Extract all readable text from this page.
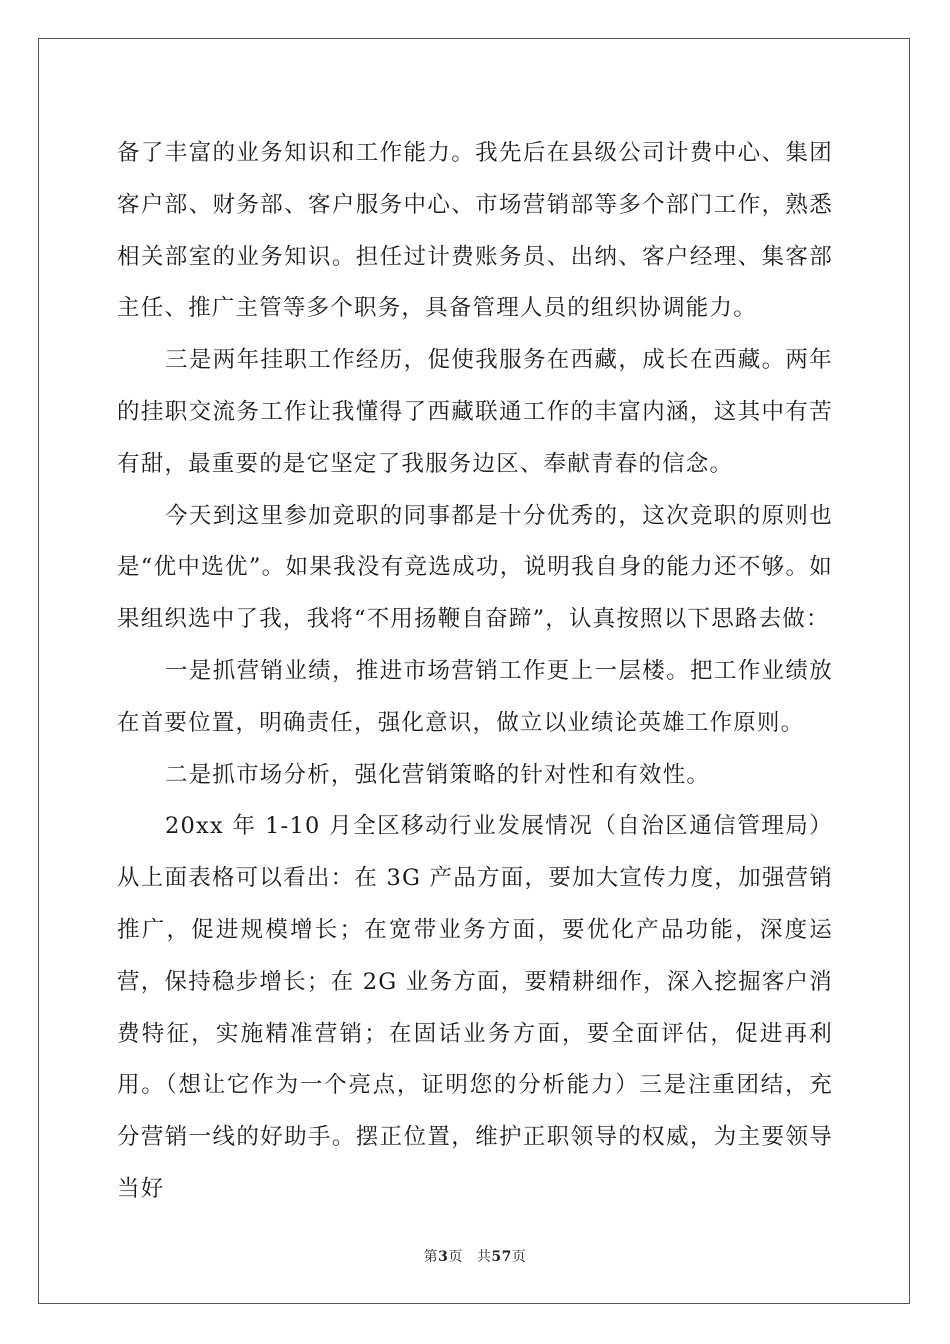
备了丰富的业务知识和工作能力。我先后在县级公司计费中心、集团客户部、财务部、客户服务中心、市场营销部等多个部门工作，熟悉相关部室的业务知识。担任过计费账务员、出纳、客户经理、集客部主任、推广主管等多个职务，具备管理人员的组织协调能力。

三是两年挂职工作经历，促使我服务在西藏，成长在西藏。两年的挂职交流务工作让我懂得了西藏联通工作的丰富内涵，这其中有苦有甜，最重要的是它坚定了我服务边区、奉献青春的信念。

今天到这里参加竞职的同事都是十分优秀的，这次竞职的原则也是“优中选优”。如果我没有竞选成功，说明我自身的能力还不够。如果组织选中了我，我将“不用扬鞭自奋蹄”，认真按照以下思路去做：

一是抓营销业绩，推进市场营销工作更上一层楼。把工作业绩放在首要位置，明确责任，强化意识，做立以业绩论英雄工作原则。

二是抓市场分析，强化营销策略的针对性和有效性。

20xx 年 1-10 月全区移动行业发展情况（自治区通信管理局）从上面表格可以看出：在 3G 产品方面，要加大宣传力度，加强营销推广，促进规模增长；在宽带业务方面，要优化产品功能，深度运营，保持稳步增长；在 2G 业务方面，要精耕细作，深入挖掘客户消费特征，实施精准营销；在固话业务方面，要全面评估，促进再利用。（想让它作为一个亮点，证明您的分析能力）三是注重团结，充分营销一线的好助手。摆正位置，维护正职领导的权威，为主要领导当好

第3页 共57页
